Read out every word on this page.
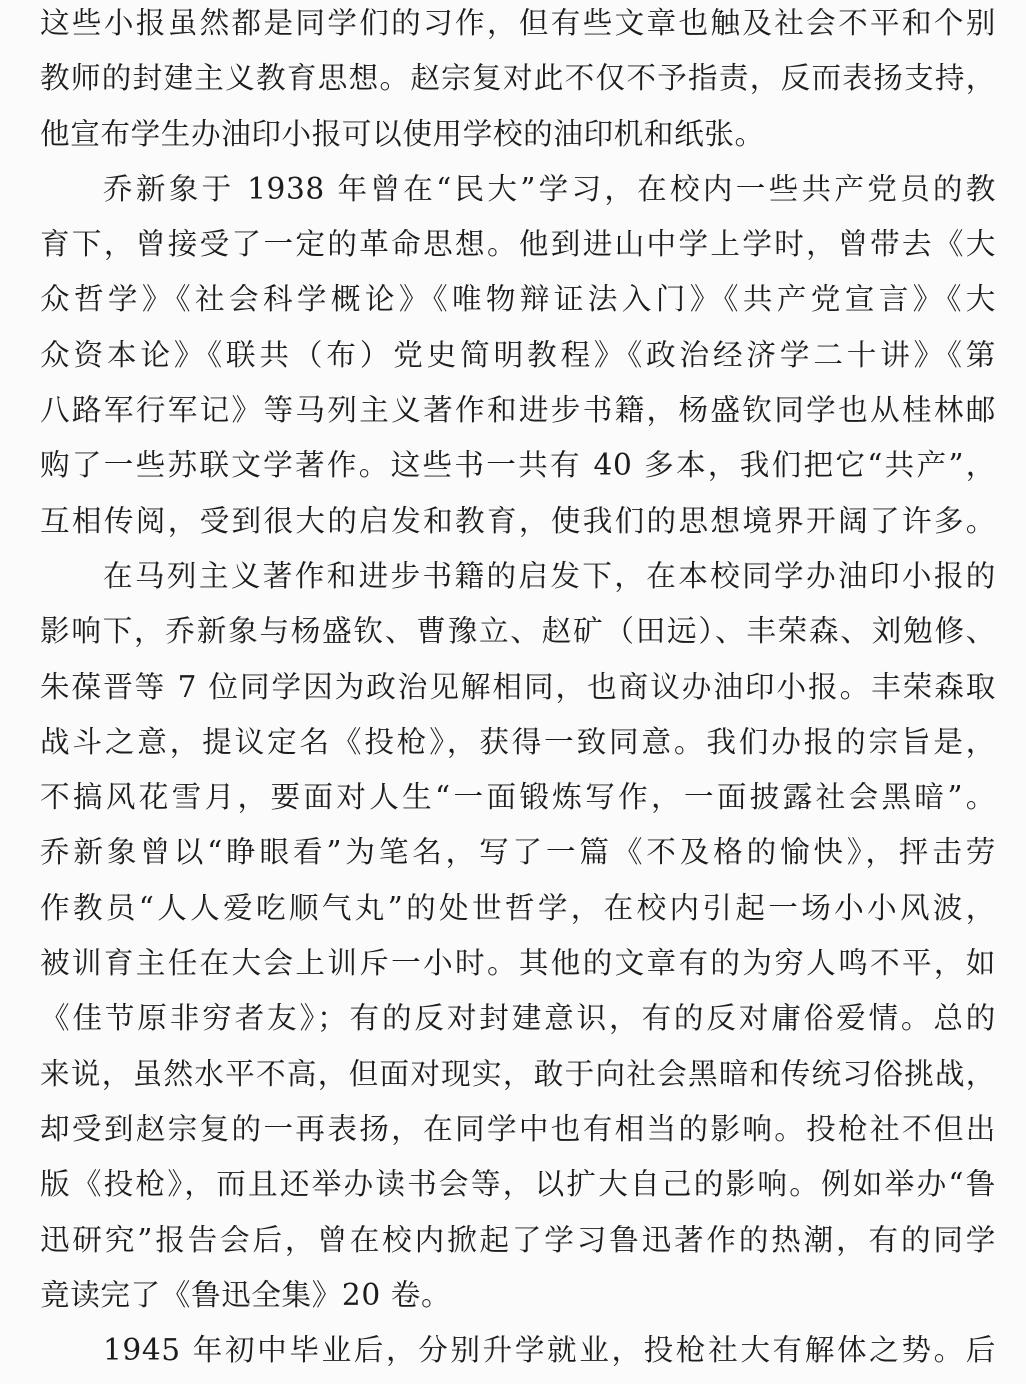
这些小报虽然都是同学们的习作，但有些文章也触及社会不平和个别
教师的封建主义教育思想。赵宗复对此不仅不予指责，反而表扬支持，
他宣布学生办油印小报可以使用学校的油印机和纸张。
乔新象于 1938 年曾在“民大”学习，在校内一些共产党员的教
育下，曾接受了一定的革命思想。他到进山中学上学时，曾带去《大
众哲学》《社会科学概论》《唯物辩证法入门》《共产党宣言》《大
众资本论》《联共（布）党史简明教程》《政治经济学二十讲》《第
八路军行军记》等马列主义著作和进步书籍，杨盛钦同学也从桂林邮
购了一些苏联文学著作。这些书一共有 40 多本，我们把它“共产”，
互相传阅，受到很大的启发和教育，使我们的思想境界开阔了许多。
在马列主义著作和进步书籍的启发下，在本校同学办油印小报的
影响下，乔新象与杨盛钦、曹豫立、赵矿（田远）、丰荣森、刘勉修、
朱葆晋等 7 位同学因为政治见解相同，也商议办油印小报。丰荣森取
战斗之意，提议定名《投枪》，获得一致同意。我们办报的宗旨是，
不搞风花雪月，要面对人生“一面锻炼写作，一面披露社会黑暗”。
乔新象曾以“睁眼看”为笔名，写了一篇《不及格的愉快》，抨击劳
作教员“人人爱吃顺气丸”的处世哲学，在校内引起一场小小风波，
被训育主任在大会上训斥一小时。其他的文章有的为穷人鸣不平，如
《佳节原非穷者友》；有的反对封建意识，有的反对庸俗爱情。总的
来说，虽然水平不高，但面对现实，敢于向社会黑暗和传统习俗挑战，
却受到赵宗复的一再表扬，在同学中也有相当的影响。投枪社不但出
版《投枪》，而且还举办读书会等，以扩大自己的影响。例如举办“鲁
迅研究”报告会后，曾在校内掀起了学习鲁迅著作的热潮，有的同学
竟读完了《鲁迅全集》20 卷。
1945 年初中毕业后，分别升学就业，投枪社大有解体之势。后
